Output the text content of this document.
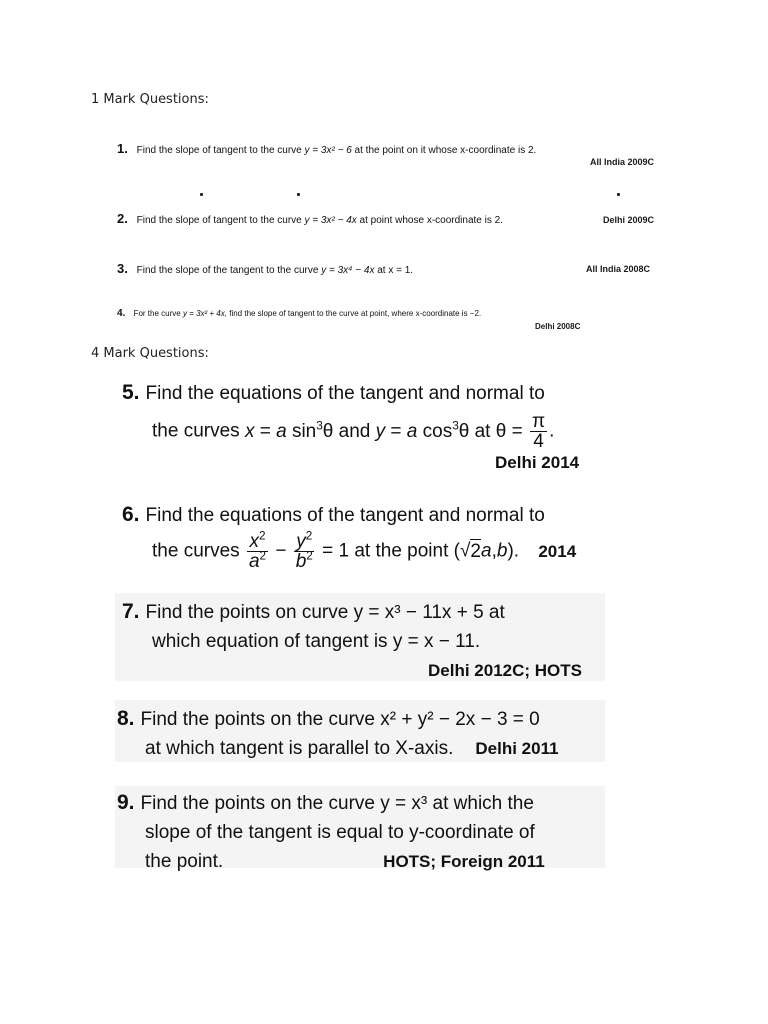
1 Mark Questions:
4 Mark Questions:
1. Find the slope of tangent to the curve y = 3x² − 6 at the point on it whose x-coordinate is 2.
All India 2009C
2. Find the slope of tangent to the curve y = 3x² − 4x at point whose x-coordinate is 2.	Delhi 2009C
3. Find the slope of the tangent to the curve y = 3x⁴ − 4x at x = 1.	All India 2008C
4. For the curve y = 3x² + 4x, find the slope of tangent to the curve at point, where x-coordinate is −2.
Delhi 2008C
5. Find the equations of the tangent and normal to
the curves x = a $\sin^3\theta$ and y = a $\cos^3\theta$ at $\theta = \frac{\pi}{4}$ .
Delhi 2014
6. Find the equations of the tangent and normal to
the curves $\frac{x^2}{a^2} - \frac{y^2}{b^2} = 1$ at the point (√2a,b). 2014
7. Find the points on curve y = x³ − 11x + 5 at
which equation of tangent is y = x − 11.
Delhi 2012C; HOTS
8. Find the points on the curve x² + y² − 2x − 3 = 0
at which tangent is parallel to X-axis. Delhi 2011
9. Find the points on the curve y = x³ at which the
slope of the tangent is equal to y-coordinate of
the point.	HOTS; Foreign 2011
